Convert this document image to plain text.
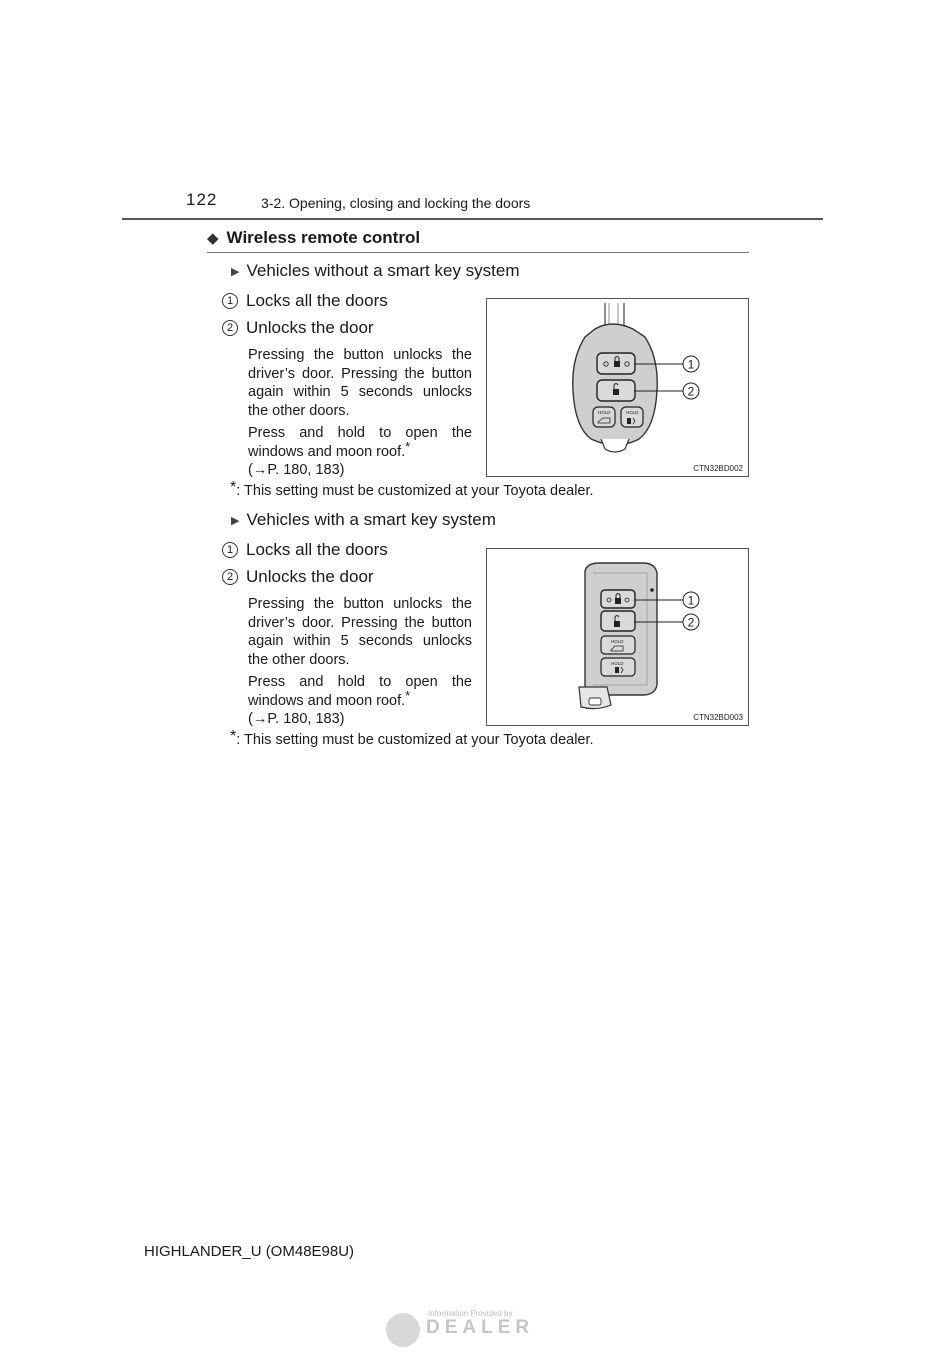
122	3-2. Opening, closing and locking the doors
◆ Wireless remote control
▶ Vehicles without a smart key system
1 Locks all the doors
2 Unlocks the door
Pressing the button unlocks the driver’s door. Pressing the button again within 5 seconds unlocks the other doors.
Press and hold to open the windows and moon roof.*
(→P. 180, 183)
HOLD	HOLD
1
2
CTN32BD002
*: This setting must be customized at your Toyota dealer.
▶ Vehicles with a smart key system
1 Locks all the doors
2 Unlocks the door
Pressing the button unlocks the driver’s door. Pressing the button again within 5 seconds unlocks the other doors.
Press and hold to open the windows and moon roof.*
(→P. 180, 183)
HOLD
HOLD
1
2
CTN32BD003
*: This setting must be customized at your Toyota dealer.
HIGHLANDER_U (OM48E98U)
Information Provided by
DEALER
